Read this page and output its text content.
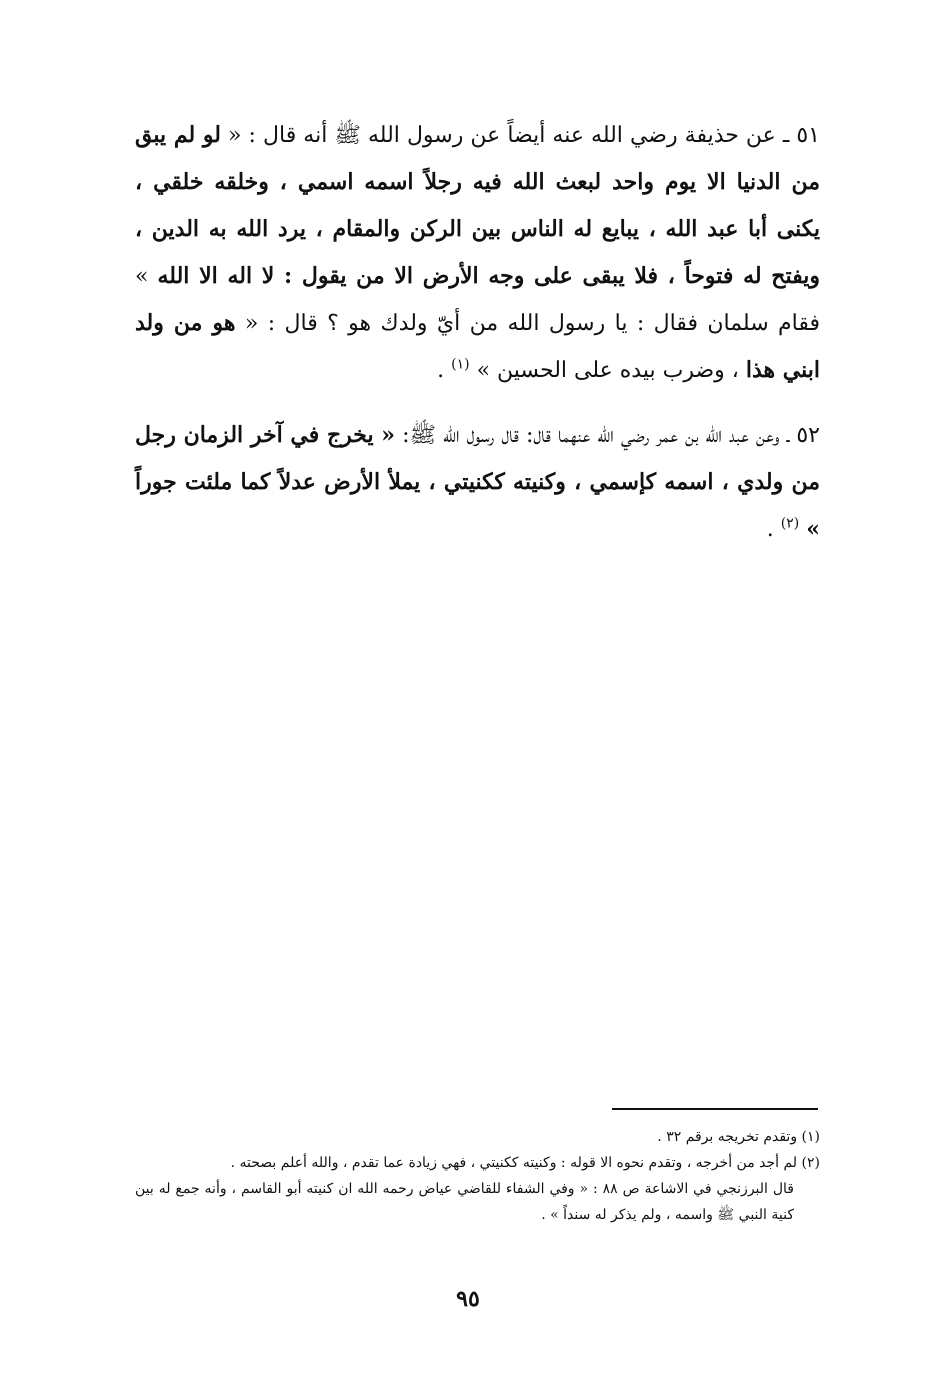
٥١ ـ عن حذيفة رضي الله عنه أيضاً عن رسول الله ﷺ أنه قال : « لو لم يبق من الدنيا الا يوم واحد لبعث الله فيه رجلاً اسمه اسمي ، وخلقه خلقي ، يكنى أبا عبد الله ، يبايع له الناس بين الركن والمقام ، يرد الله به الدين ، ويفتح له فتوحاً ، فلا يبقى على وجه الأرض الا من يقول : لا اله الا الله » فقام سلمان فقال : يا رسول الله من أيّ ولدك هو ؟ قال : « هو من ولد ابني هذا ، وضرب بيده على الحسين » $^{(١)}$ .

٥٢ ـ وعن عبد الله بن عمر رضي الله عنهما قال: قال رسول الله ﷺ: « يخرج في آخر الزمان رجل من ولدي ، اسمه كإسمي ، وكنيته ككنيتي ، يملأ الأرض عدلاً كما ملئت جوراً » $^{(٢)}$ .

(١) وتقدم تخريجه برقم ٣٢ .

(٢) لم أجد من أخرجه ، وتقدم نحوه الا قوله : وكنيته ككنيتي ، فهي زيادة عما تقدم ، والله أعلم بصحته .

قال البرزنجي في الاشاعة ص ٨٨ : « وفي الشفاء للقاضي عياض رحمه الله ان كنيته أبو القاسم ، وأنه جمع له بين كنية النبي ﷺ واسمه ، ولم يذكر له سنداً » .

٩٥
